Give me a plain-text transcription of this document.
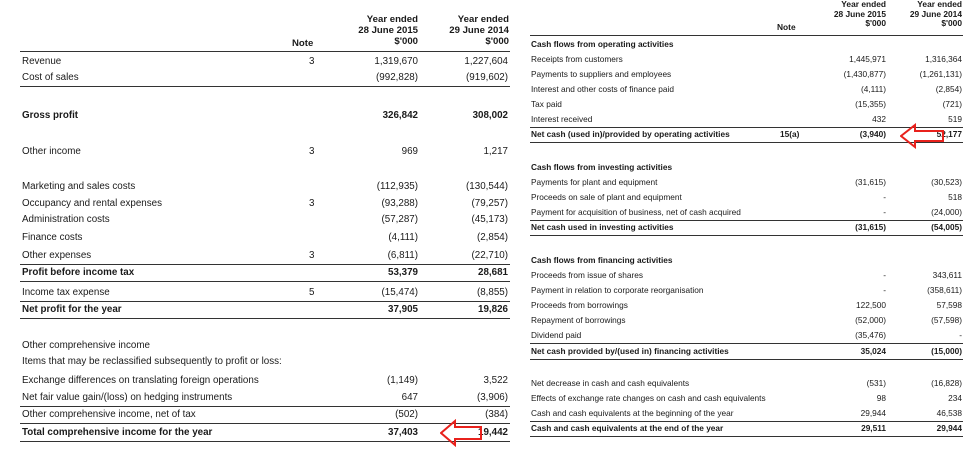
Year ended
28 June 2015
$'000
Year ended
29 June 2014
$'000
Note
Revenue	3	1,319,670	1,227,604
Cost of sales	(992,828)	(919,602)
Gross profit	326,842	308,002
Other income	3	969	1,217
Marketing and sales costs	(112,935)	(130,544)
Occupancy and rental expenses	3	(93,288)	(79,257)
Administration costs	(57,287)	(45,173)
Finance costs	(4,111)	(2,854)
Other expenses	3	(6,811)	(22,710)
Profit before income tax	53,379	28,681
Income tax expense	5	(15,474)	(8,855)
Net profit for the year	37,905	19,826
Other comprehensive income
Items that may be reclassified subsequently to profit or loss:
Exchange differences on translating foreign operations	(1,149)	3,522
Net fair value gain/(loss) on hedging instruments	647	(3,906)
Other comprehensive income, net of tax	(502)	(384)
Total comprehensive income for the year	37,403	19,442
Year ended
28 June 2015
$'000
Year ended
29 June 2014
$'000
Note
Cash flows from operating activities
Receipts from customers	1,445,971	1,316,364
Payments to suppliers and employees	(1,430,877)	(1,261,131)
Interest and other costs of finance paid	(4,111)	(2,854)
Tax paid	(15,355)	(721)
Interest received	432	519
Net cash (used in)/provided by operating activities	15(a)	(3,940)	52,177
Cash flows from investing activities
Payments for plant and equipment	(31,615)	(30,523)
Proceeds on sale of plant and equipment	-	518
Payment for acquisition of business, net of cash acquired	-	(24,000)
Net cash used in investing activities	(31,615)	(54,005)
Cash flows from financing activities
Proceeds from issue of shares	-	343,611
Payment in relation to corporate reorganisation	-	(358,611)
Proceeds from borrowings	122,500	57,598
Repayment of borrowings	(52,000)	(57,598)
Dividend paid	(35,476)	-
Net cash provided by/(used in) financing activities	35,024	(15,000)
Net decrease in cash and cash equivalents	(531)	(16,828)
Effects of exchange rate changes on cash and cash equivalents	98	234
Cash and cash equivalents at the beginning of the year	29,944	46,538
Cash and cash equivalents at the end of the year	29,511	29,944
